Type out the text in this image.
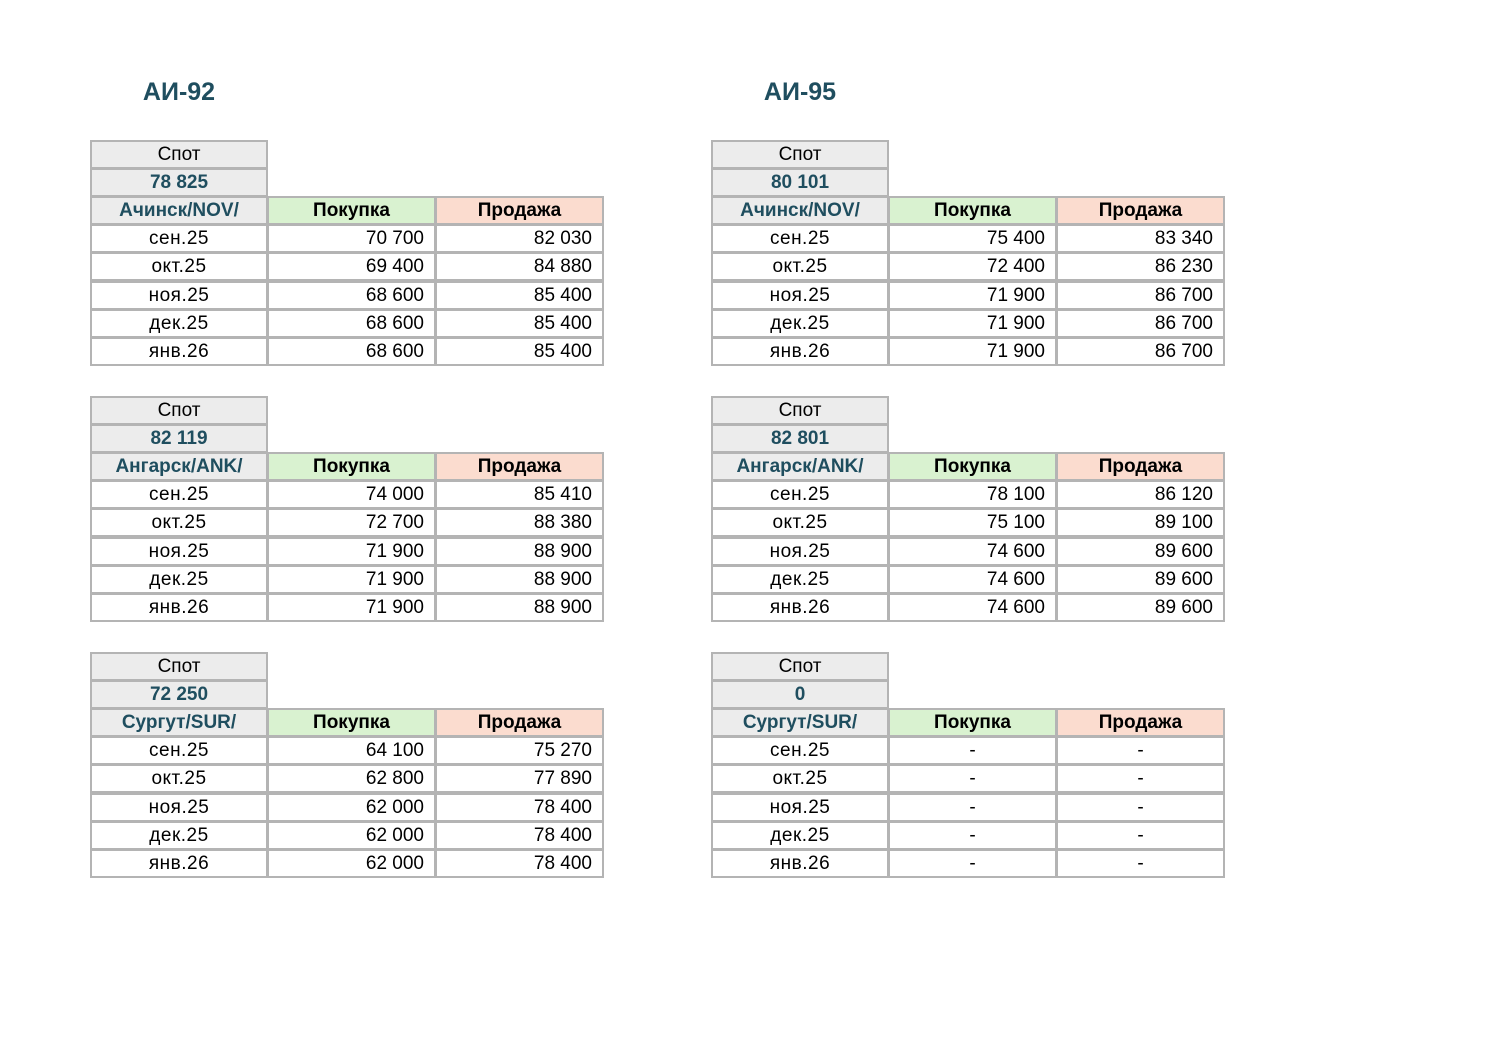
АИ-92
Спот
78 825
Ачинск/NOV/	Покупка	Продажа
сен.25	70 700	82 030
окт.25	69 400	84 880
ноя.25	68 600	85 400
дек.25	68 600	85 400
янв.26	68 600	85 400
Спот
82 119
Ангарск/ANK/	Покупка	Продажа
сен.25	74 000	85 410
окт.25	72 700	88 380
ноя.25	71 900	88 900
дек.25	71 900	88 900
янв.26	71 900	88 900
Спот
72 250
Сургут/SUR/	Покупка	Продажа
сен.25	64 100	75 270
окт.25	62 800	77 890
ноя.25	62 000	78 400
дек.25	62 000	78 400
янв.26	62 000	78 400
АИ-95
Спот
80 101
Ачинск/NOV/	Покупка	Продажа
сен.25	75 400	83 340
окт.25	72 400	86 230
ноя.25	71 900	86 700
дек.25	71 900	86 700
янв.26	71 900	86 700
Спот
82 801
Ангарск/ANK/	Покупка	Продажа
сен.25	78 100	86 120
окт.25	75 100	89 100
ноя.25	74 600	89 600
дек.25	74 600	89 600
янв.26	74 600	89 600
Спот
0
Сургут/SUR/	Покупка	Продажа
сен.25	-	-
окт.25	-	-
ноя.25	-	-
дек.25	-	-
янв.26	-	-
